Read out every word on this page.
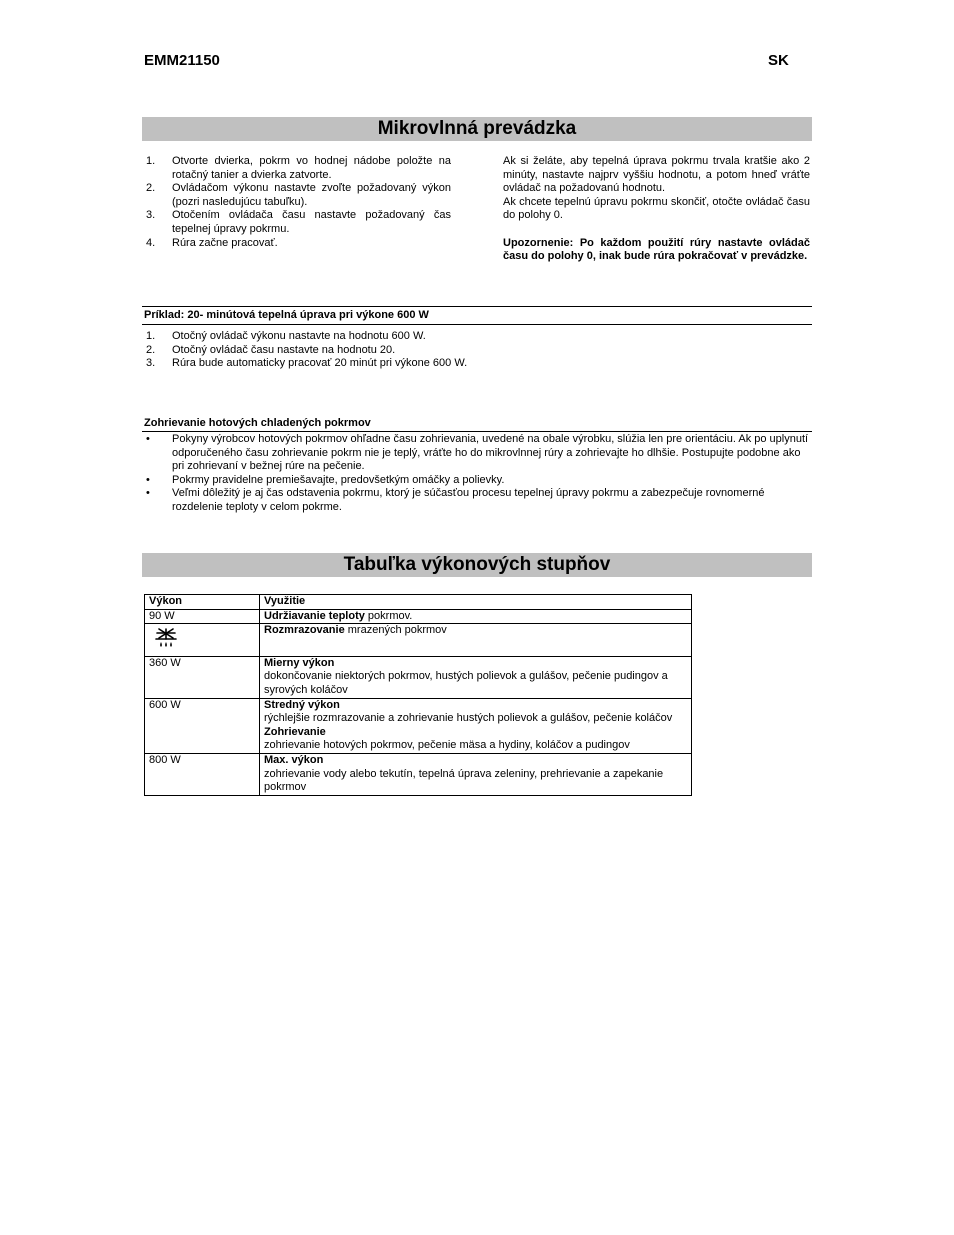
EMM21150	SK
Mikrovlnná prevádzka
1. Otvorte dvierka, pokrm vo hodnej nádobe položte na rotačný tanier a dvierka zatvorte.
2. Ovládačom výkonu nastavte zvoľte požadovaný výkon (pozri nasledujúcu tabuľku).
3. Otočením ovládača času nastavte požadovaný čas tepelnej úpravy pokrmu.
4. Rúra začne pracovať.

Ak si želáte, aby tepelná úprava pokrmu trvala kratšie ako 2 minúty, nastavte najprv vyššiu hodnotu, a potom hneď vráťte ovládač na požadovanú hodnotu.

Ak chcete tepelnú úpravu pokrmu skončiť, otočte ovládač času do polohy 0.

Upozornenie: Po každom použití rúry nastavte ovládač času do polohy 0, inak bude rúra pokračovať v prevádzke.

Príklad: 20- minútová tepelná úprava pri výkone 600 W
1. Otočný ovládač výkonu nastavte na hodnotu 600 W.
2. Otočný ovládač času nastavte na hodnotu 20.
3. Rúra bude automaticky pracovať 20 minút pri výkone 600 W.
Zohrievanie hotových chladených pokrmov
• Pokyny výrobcov hotových pokrmov ohľadne času zohrievania, uvedené na obale výrobku, slúžia len pre orientáciu. Ak po uplynutí odporučeného času zohrievanie pokrm nie je teplý, vráťte ho do mikrovlnnej rúry a zohrievajte ho dlhšie. Postupujte podobne ako pri zohrievaní v bežnej rúre na pečenie.
• Pokrmy pravidelne premiešavajte, predovšetkým omáčky a polievky.
• Veľmi dôležitý je aj čas odstavenia pokrmu, ktorý je súčasťou procesu tepelnej úpravy pokrmu a zabezpečuje rovnomerné rozdelenie teploty v celom pokrme.
Tabuľka výkonových stupňov
Výkon	Využitie
90 W	Udržiavanie teploty pokrmov.
	Rozmrazovanie mrazených pokrmov
360 W	Mierny výkon
dokončovanie niektorých pokrmov, hustých polievok a gulášov, pečenie pudingov a syrových koláčov

600 W	Stredný výkon
rýchlejšie rozmrazovanie a zohrievanie hustých polievok a gulášov, pečenie koláčov
Zohrievanie
zohrievanie hotových pokrmov, pečenie mäsa a hydiny, koláčov a pudingov

800 W	Max. výkon
zohrievanie vody alebo tekutín, tepelná úprava zeleniny, prehrievanie a zapekanie pokrmov
